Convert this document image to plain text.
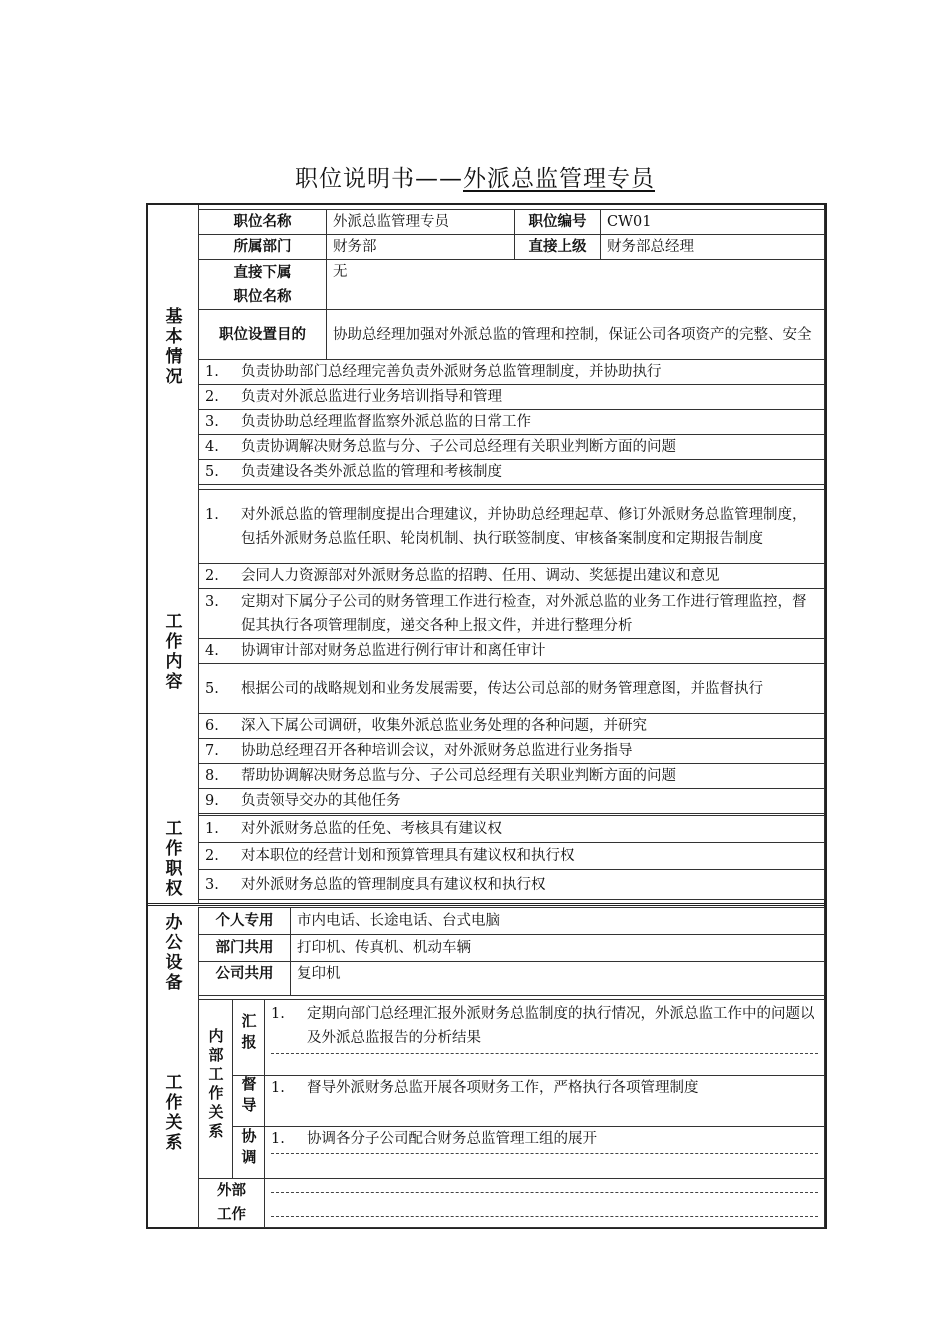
职位说明书——外派总监管理专员
基本情况
职位名称	外派总监管理专员	职位编号	CW01
所属部门	财务部	直接上级	财务部总经理

直接下属
职位名称	无		
职位设置目的	协助总经理加强对外派总监的管理和控制，保证公司各项资产的完整、安全		

1. 负责协助部门总经理完善负责外派财务总监管理制度，并协助执行			

2. 负责对外派总监进行业务培训指导和管理			

3. 负责协助总经理监督监察外派总监的日常工作			

4. 负责协调解决财务总监与分、子公司总经理有关职业判断方面的问题			

5. 负责建设各类外派总监的管理和考核制度			
工作内容
1.	对外派总监的管理制度提出合理建议，并协助总经理起草、修订外派财务总监管理制度，包括外派财务总监任职、轮岗机制、执行联签制度、审核备案制度和定期报告制度

2.	会同人力资源部对外派财务总监的招聘、任用、调动、奖惩提出建议和意见

3.	定期对下属分子公司的财务管理工作进行检查，对外派总监的业务工作进行管理监控，督促其执行各项管理制度，递交各种上报文件，并进行整理分析

4.	协调审计部对财务总监进行例行审计和离任审计

5.	根据公司的战略规划和业务发展需要，传达公司总部的财务管理意图，并监督执行

6.	深入下属公司调研，收集外派总监业务处理的各种问题，并研究

7.	协助总经理召开各种培训会议，对外派财务总监进行业务指导

8.	帮助协调解决财务总监与分、子公司总经理有关职业判断方面的问题

9.	负责领导交办的其他任务
工作职权 1.	对外派财务总监的任免、考核具有建议权

2.	对本职位的经营计划和预算管理具有建议权和执行权

3.	对外派财务总监的管理制度具有建议权和执行权
办公设备 个人专用	市内电话、长途电话、台式电脑
部门共用	打印机、传真机、机动车辆
公司共用	复印机
工作关系 内部工作关系	汇报	1. 定期向部门总经理汇报外派财务总监制度的执行情况，外派总监工作中的问题以及外派总监报告的分析结果

	督导	1. 督导外派财务总监开展各项财务工作，严格执行各项管理制度

	协调	1. 协调各分子公司配合财务总监管理工组的展开

外部
工作		
